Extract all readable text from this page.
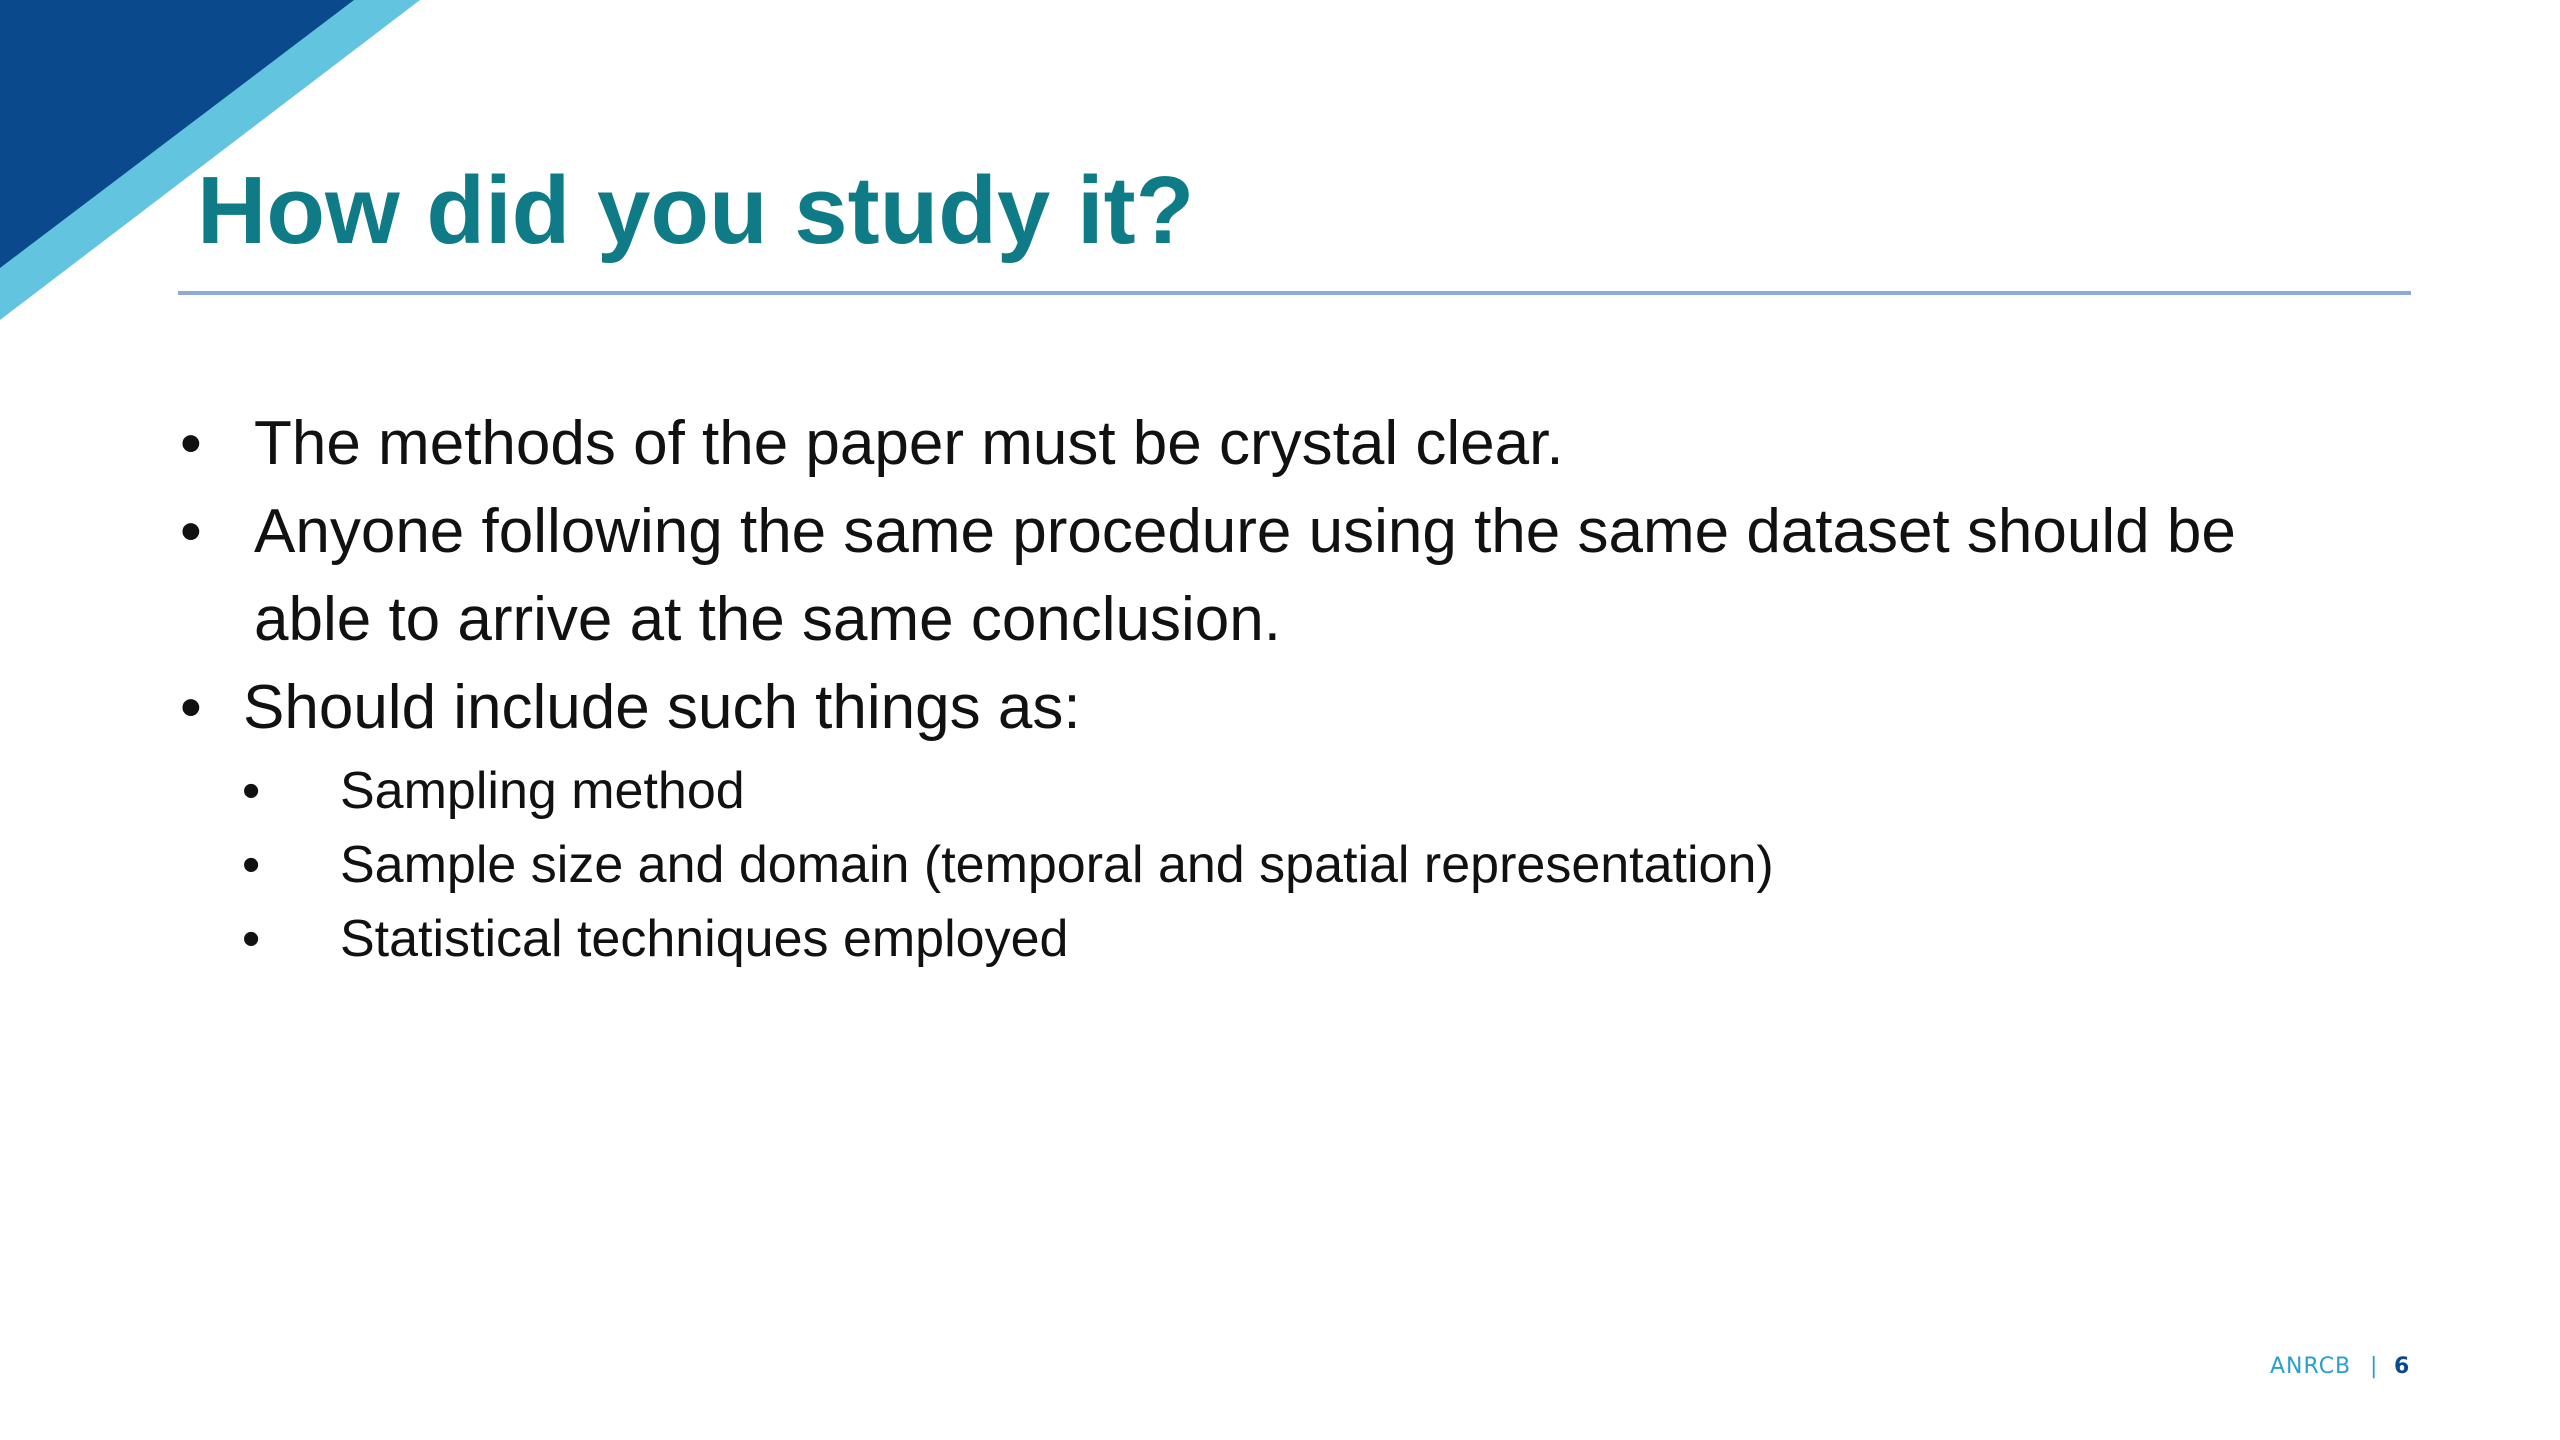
How did you study it?
• The methods of the paper must be crystal clear.
• Anyone following the same procedure using the same dataset should be
able to arrive at the same conclusion.
• Should include such things as:
• Sampling method
• Sample size and domain (temporal and spatial representation)
• Statistical techniques employed
ANRCB | 6
